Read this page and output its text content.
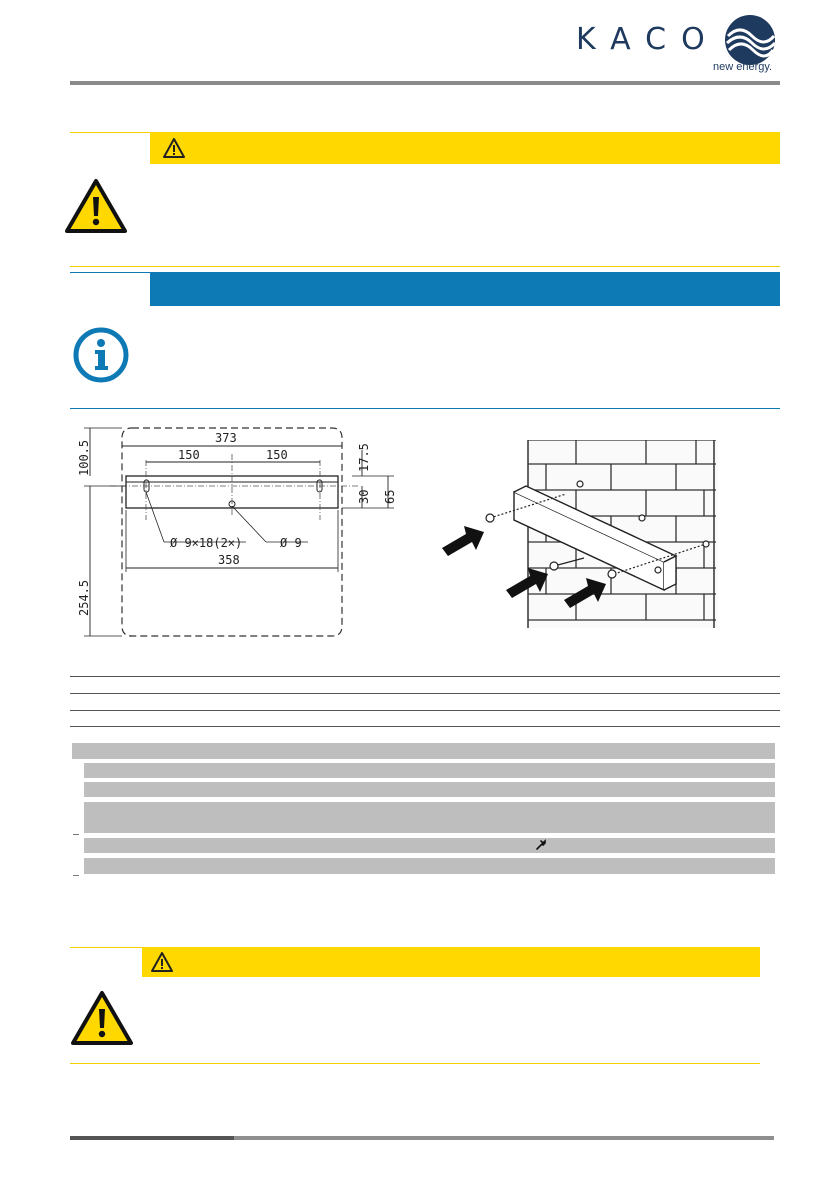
KACO
new energy.
373
150	150
358
Ø 9×18(2×)	Ø 9
100.5
254.5
17.5
30 65
